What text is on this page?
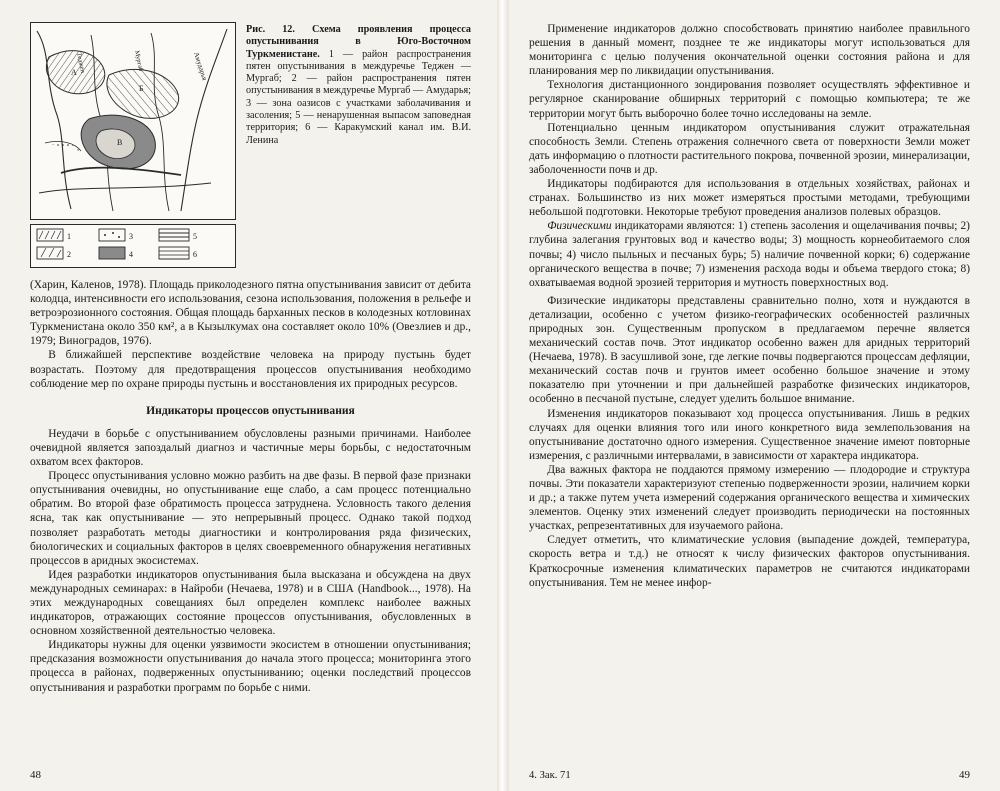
Амударья
Мургаб
Теджен
А
Б
В
1	3	5
2	4	6
Рис. 12. Схема проявления процесса опустынивания в Юго-Восточном Туркменистане. 1 — район распространения пятен опустынивания в междуречье Теджен — Мургаб; 2 — район распространения пятен опустынивания в междуречье Мургаб — Амударья; 3 — зона оазисов с участками заболачивания и засоления; 5 — ненарушенная выпасом заповедная территория; 6 — Каракумский канал им. В.И. Ленина

(Харин, Каленов, 1978). Площадь приколодезного пятна опустынивания зависит от дебита колодца, интенсивности его использования, сезона использования, положения в рельефе и ветроэрозионного состояния. Общая площадь барханных песков в колодезных котловинах Туркменистана около 350 км², а в Кызылкумах она составляет около 10% (Овезлиев и др., 1979; Виноградов, 1976).

В ближайшей перспективе воздействие человека на природу пустынь будет возрастать. Поэтому для предотвращения процессов опустынивания необходимо соблюдение мер по охране природы пустынь и восстановления их природных ресурсов.

Индикаторы процессов опустынивания

Неудачи в борьбе с опустыниванием обусловлены разными причинами. Наиболее очевидной является запоздалый диагноз и частичные меры борьбы, с недостаточным охватом всех факторов.

Процесс опустынивания условно можно разбить на две фазы. В первой фазе признаки опустынивания очевидны, но опустынивание еще слабо, а сам процесс потенциально обратим. Во второй фазе обратимость процесса затруднена. Условность такого деления ясна, так как опустынивание — это непрерывный процесс. Однако такой подход позволяет разработать методы диагностики и контролирования ряда физических, биологических и социальных факторов в целях своевременного обнаружения негативных процессов в аридных экосистемах.

Идея разработки индикаторов опустынивания была высказана и обсуждена на двух международных семинарах: в Найроби (Нечаева, 1978) и в США (Handbook..., 1978). На этих международных совещаниях был определен комплекс наиболее важных индикаторов, отражающих состояние процессов опустынивания, обусловленных в основном хозяйственной деятельностью человека.

Индикаторы нужны для оценки уязвимости экосистем в отношении опустынивания; предсказания возможности опустынивания до начала этого процесса; мониторинга этого процесса в районах, подверженных опустыниванию; оценки последствий процессов опустынивания и разработки программ по борьбе с ними.

48

Применение индикаторов должно способствовать принятию наиболее правильного решения в данный момент, позднее те же индикаторы могут использоваться для мониторинга с целью получения окончательной оценки состояния района и для планирования мер по ликвидации опустынивания.

Технология дистанционного зондирования позволяет осуществлять эффективное и регулярное сканирование обширных территорий с помощью компьютера; те же территории могут быть выборочно более точно исследованы на земле.

Потенциально ценным индикатором опустынивания служит отражательная способность Земли. Степень отражения солнечного света от поверхности Земли может дать информацию о плотности растительного покрова, почвенной эрозии, минерализации, заболоченности почв и др.

Индикаторы подбираются для использования в отдельных хозяйствах, районах и странах. Большинство из них может измеряться простыми методами, требующими небольшой подготовки. Некоторые требуют проведения анализов полевых образцов.

Физическими индикаторами являются: 1) степень засоления и ощелачивания почвы; 2) глубина залегания грунтовых вод и качество воды; 3) мощность корнеобитаемого слоя почвы; 4) число пыльных и песчаных бурь; 5) наличие почвенной корки; 6) содержание органического вещества в почве; 7) изменения расхода воды и объема твердого стока; 8) охватываемая водной эрозией территория и мутность поверхностных вод.

Физические индикаторы представлены сравнительно полно, хотя и нуждаются в детализации, особенно с учетом физико-географических особенностей различных природных зон. Существенным пропуском в предлагаемом перечне является механический состав почв. Этот индикатор особенно важен для аридных территорий (Нечаева, 1978). В засушливой зоне, где легкие почвы подвергаются процессам дефляции, механический состав почв и грунтов имеет особенно большое значение и этому показателю при уточнении и при дальнейшей разработке физических индикаторов, особенно в песчаной пустыне, следует уделить большое внимание.

Изменения индикаторов показывают ход процесса опустынивания. Лишь в редких случаях для оценки влияния того или иного конкретного вида землепользования на опустынивание достаточно одного измерения. Существенное значение имеют повторные измерения, с различными интервалами, в зависимости от характера индикатора.

Два важных фактора не поддаются прямому измерению — плодородие и структура почвы. Эти показатели характеризуют степенью подверженности эрозии, наличием корки и др.; а также путем учета измерений содержания органического вещества и химических элементов. Оценку этих изменений следует производить периодически на постоянных участках, репрезентативных для изучаемого района.

Следует отметить, что климатические условия (выпадение дождей, температура, скорость ветра и т.д.) не относят к числу физических факторов опустынивания. Краткосрочные изменения климатических параметров не считаются индикаторами опустынивания. Тем не менее инфор-

4. Зак. 71	49
